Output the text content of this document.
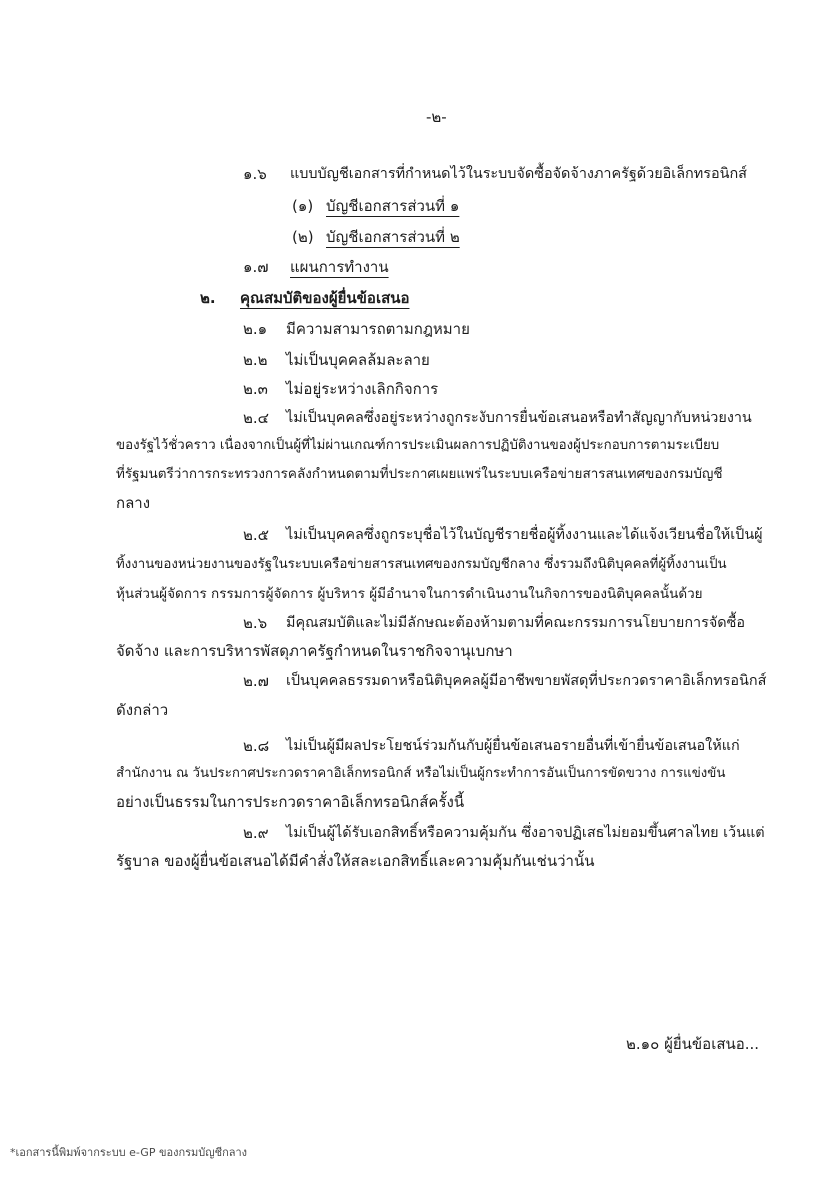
-๒-
๑.๖ แบบบัญชีเอกสารที่กำหนดไว้ในระบบจัดซื้อจัดจ้างภาครัฐด้วยอิเล็กทรอนิกส์
(๑) บัญชีเอกสารส่วนที่ ๑
(๒) บัญชีเอกสารส่วนที่ ๒
๑.๗ แผนการทำงาน
๒. คุณสมบัติของผู้ยื่นข้อเสนอ
๒.๑ มีความสามารถตามกฎหมาย
๒.๒ ไม่เป็นบุคคลล้มละลาย
๒.๓ ไม่อยู่ระหว่างเลิกกิจการ
๒.๔ ไม่เป็นบุคคลซึ่งอยู่ระหว่างถูกระงับการยื่นข้อเสนอหรือทำสัญญากับหน่วยงาน
ของรัฐไว้ชั่วคราว เนื่องจากเป็นผู้ที่ไม่ผ่านเกณฑ์การประเมินผลการปฏิบัติงานของผู้ประกอบการตามระเบียบ
ที่รัฐมนตรีว่าการกระทรวงการคลังกำหนดตามที่ประกาศเผยแพร่ในระบบเครือข่ายสารสนเทศของกรมบัญชี
กลาง
๒.๕ ไม่เป็นบุคคลซึ่งถูกระบุชื่อไว้ในบัญชีรายชื่อผู้ทิ้งงานและได้แจ้งเวียนชื่อให้เป็นผู้
ทิ้งงานของหน่วยงานของรัฐในระบบเครือข่ายสารสนเทศของกรมบัญชีกลาง ซึ่งรวมถึงนิติบุคคลที่ผู้ทิ้งงานเป็น
หุ้นส่วนผู้จัดการ กรรมการผู้จัดการ ผู้บริหาร ผู้มีอำนาจในการดำเนินงานในกิจการของนิติบุคคลนั้นด้วย
๒.๖ มีคุณสมบัติและไม่มีลักษณะต้องห้ามตามที่คณะกรรมการนโยบายการจัดซื้อ
จัดจ้าง และการบริหารพัสดุภาครัฐกำหนดในราชกิจจานุเบกษา
๒.๗ เป็นบุคคลธรรมดาหรือนิติบุคคลผู้มีอาชีพขายพัสดุที่ประกวดราคาอิเล็กทรอนิกส์
ดังกล่าว
๒.๘ ไม่เป็นผู้มีผลประโยชน์ร่วมกันกับผู้ยื่นข้อเสนอรายอื่นที่เข้ายื่นข้อเสนอให้แก่
สำนักงาน ณ วันประกาศประกวดราคาอิเล็กทรอนิกส์ หรือไม่เป็นผู้กระทำการอันเป็นการขัดขวาง การแข่งขัน
อย่างเป็นธรรมในการประกวดราคาอิเล็กทรอนิกส์ครั้งนี้
๒.๙ ไม่เป็นผู้ได้รับเอกสิทธิ์หรือความคุ้มกัน ซึ่งอาจปฏิเสธไม่ยอมขึ้นศาลไทย เว้นแต่
รัฐบาล ของผู้ยื่นข้อเสนอได้มีคำสั่งให้สละเอกสิทธิ์และความคุ้มกันเช่นว่านั้น
๒.๑๐ ผู้ยื่นข้อเสนอ...
*เอกสารนี้พิมพ์จากระบบ e-GP ของกรมบัญชีกลาง
